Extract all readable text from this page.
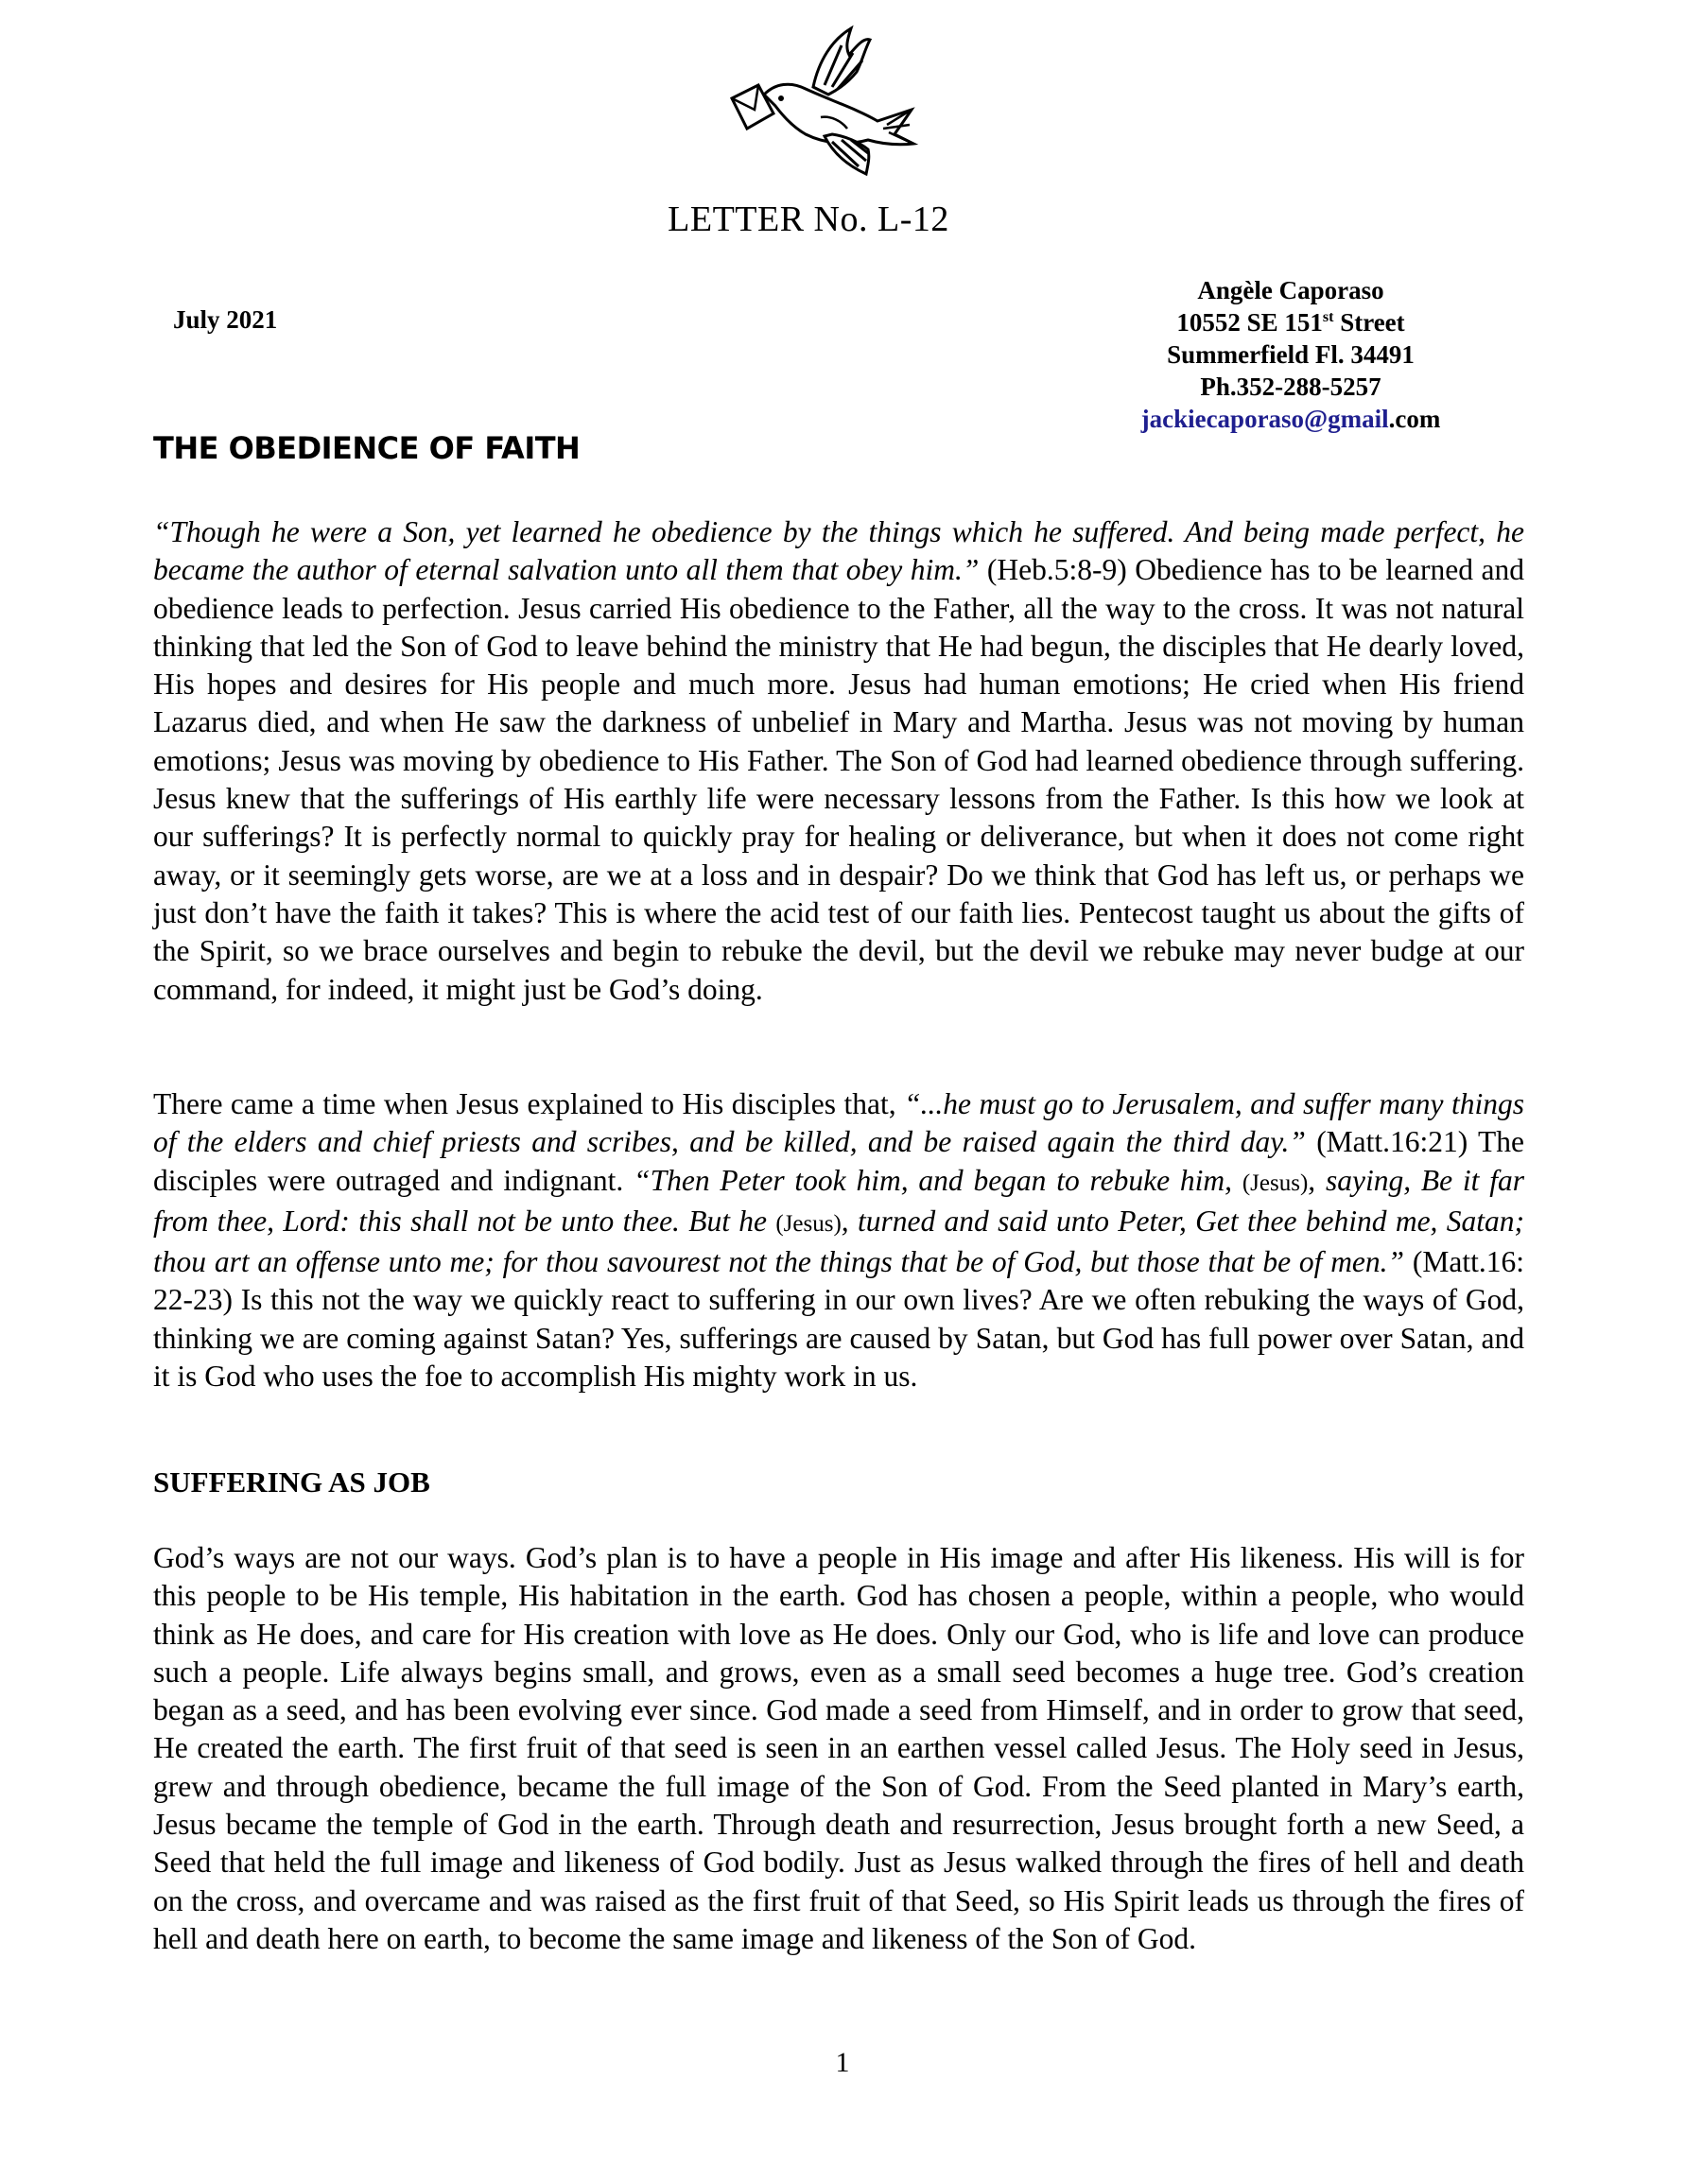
LETTER No. L-12
July 2021
Angèle Caporaso
10552 SE 151st Street
Summerfield Fl. 34491
Ph.352-288-5257
jackiecaporaso@gmail.com
THE OBEDIENCE OF FAITH

“Though he were a Son, yet learned he obedience by the things which he suffered. And being made perfect, he became the author of eternal salvation unto all them that obey him.” (Heb.5:8-9) Obedience has to be learned and obedience leads to perfection. Jesus carried His obedience to the Father, all the way to the cross. It was not natural thinking that led the Son of God to leave behind the ministry that He had begun, the disciples that He dearly loved, His hopes and desires for His people and much more. Jesus had human emotions; He cried when His friend Lazarus died, and when He saw the darkness of unbelief in Mary and Martha. Jesus was not moving by human emotions; Jesus was moving by obedience to His Father. The Son of God had learned obedience through suffering. Jesus knew that the sufferings of His earthly life were necessary lessons from the Father. Is this how we look at our sufferings? It is perfectly normal to quickly pray for healing or deliverance, but when it does not come right away, or it seemingly gets worse, are we at a loss and in despair? Do we think that God has left us, or perhaps we just don’t have the faith it takes? This is where the acid test of our faith lies. Pentecost taught us about the gifts of the Spirit, so we brace ourselves and begin to rebuke the devil, but the devil we rebuke may never budge at our command, for indeed, it might just be God’s doing.

There came a time when Jesus explained to His disciples that, “...he must go to Jerusalem, and suffer many things of the elders and chief priests and scribes, and be killed, and be raised again the third day.” (Matt.16:21) The disciples were outraged and indignant. “Then Peter took him, and began to rebuke him, (Jesus), saying, Be it far from thee, Lord: this shall not be unto thee. But he (Jesus), turned and said unto Peter, Get thee behind me, Satan; thou art an offense unto me; for thou savourest not the things that be of God, but those that be of men.” (Matt.16: 22-23) Is this not the way we quickly react to suffering in our own lives? Are we often rebuking the ways of God, thinking we are coming against Satan? Yes, sufferings are caused by Satan, but God has full power over Satan, and it is God who uses the foe to accomplish His mighty work in us.

SUFFERING AS JOB

God’s ways are not our ways. God’s plan is to have a people in His image and after His likeness. His will is for this people to be His temple, His habitation in the earth. God has chosen a people, within a people, who would think as He does, and care for His creation with love as He does. Only our God, who is life and love can produce such a people. Life always begins small, and grows, even as a small seed becomes a huge tree. God’s creation began as a seed, and has been evolving ever since. God made a seed from Himself, and in order to grow that seed, He created the earth. The first fruit of that seed is seen in an earthen vessel called Jesus. The Holy seed in Jesus, grew and through obedience, became the full image of the Son of God. From the Seed planted in Mary’s earth, Jesus became the temple of God in the earth. Through death and resurrection, Jesus brought forth a new Seed, a Seed that held the full image and likeness of God bodily. Just as Jesus walked through the fires of hell and death on the cross, and overcame and was raised as the first fruit of that Seed, so His Spirit leads us through the fires of hell and death here on earth, to become the same image and likeness of the Son of God.

1
